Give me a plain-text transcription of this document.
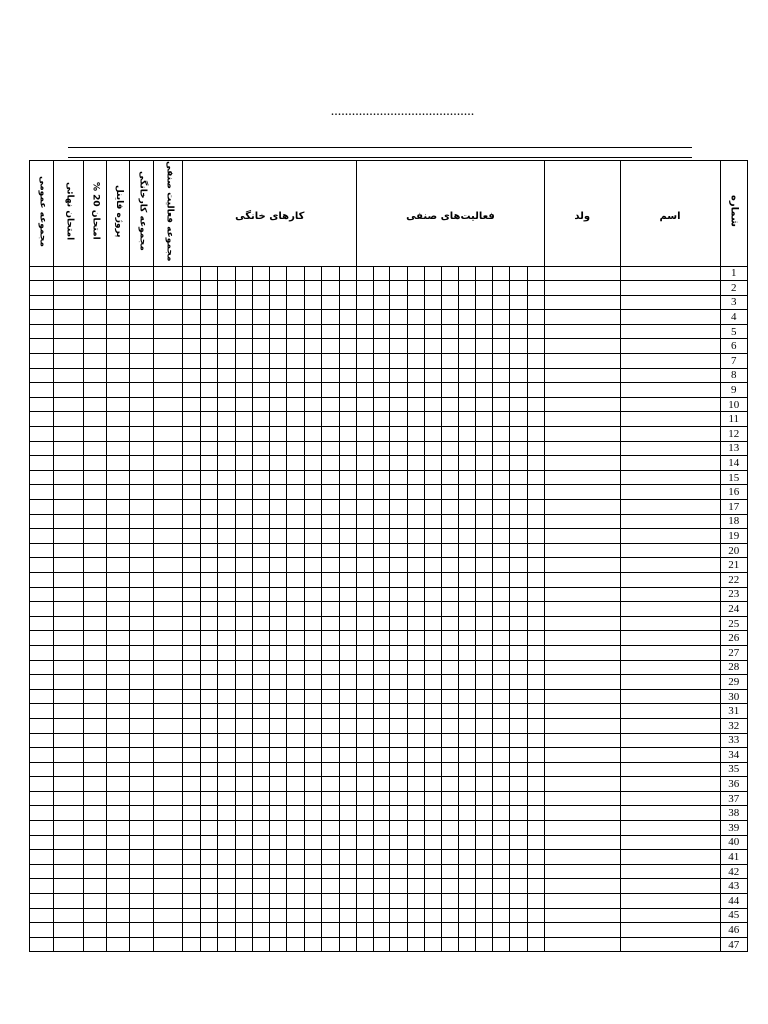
.........................................
مجموعه عمومی	امتحان نهائی	امتحان 20 %	پروژه فاینل	مجموعه کارخانگی	مجموعه فعالیت صنفی	کار‌های خانگی										فعالیت‌های صنفی											ولد	اسم	شماره
																													1
																													2
																													3
																													4
																													5
																													6
																													7
																													8
																													9
																													10
																													11
																													12
																													13
																													14
																													15
																													16
																													17
																													18
																													19
																													20
																													21
																													22
																													23
																													24
																													25
																													26
																													27
																													28
																													29
																													30
																													31
																													32
																													33
																													34
																													35
																													36
																													37
																													38
																													39
																													40
																													41
																													42
																													43
																													44
																													45
																													46
																													47
